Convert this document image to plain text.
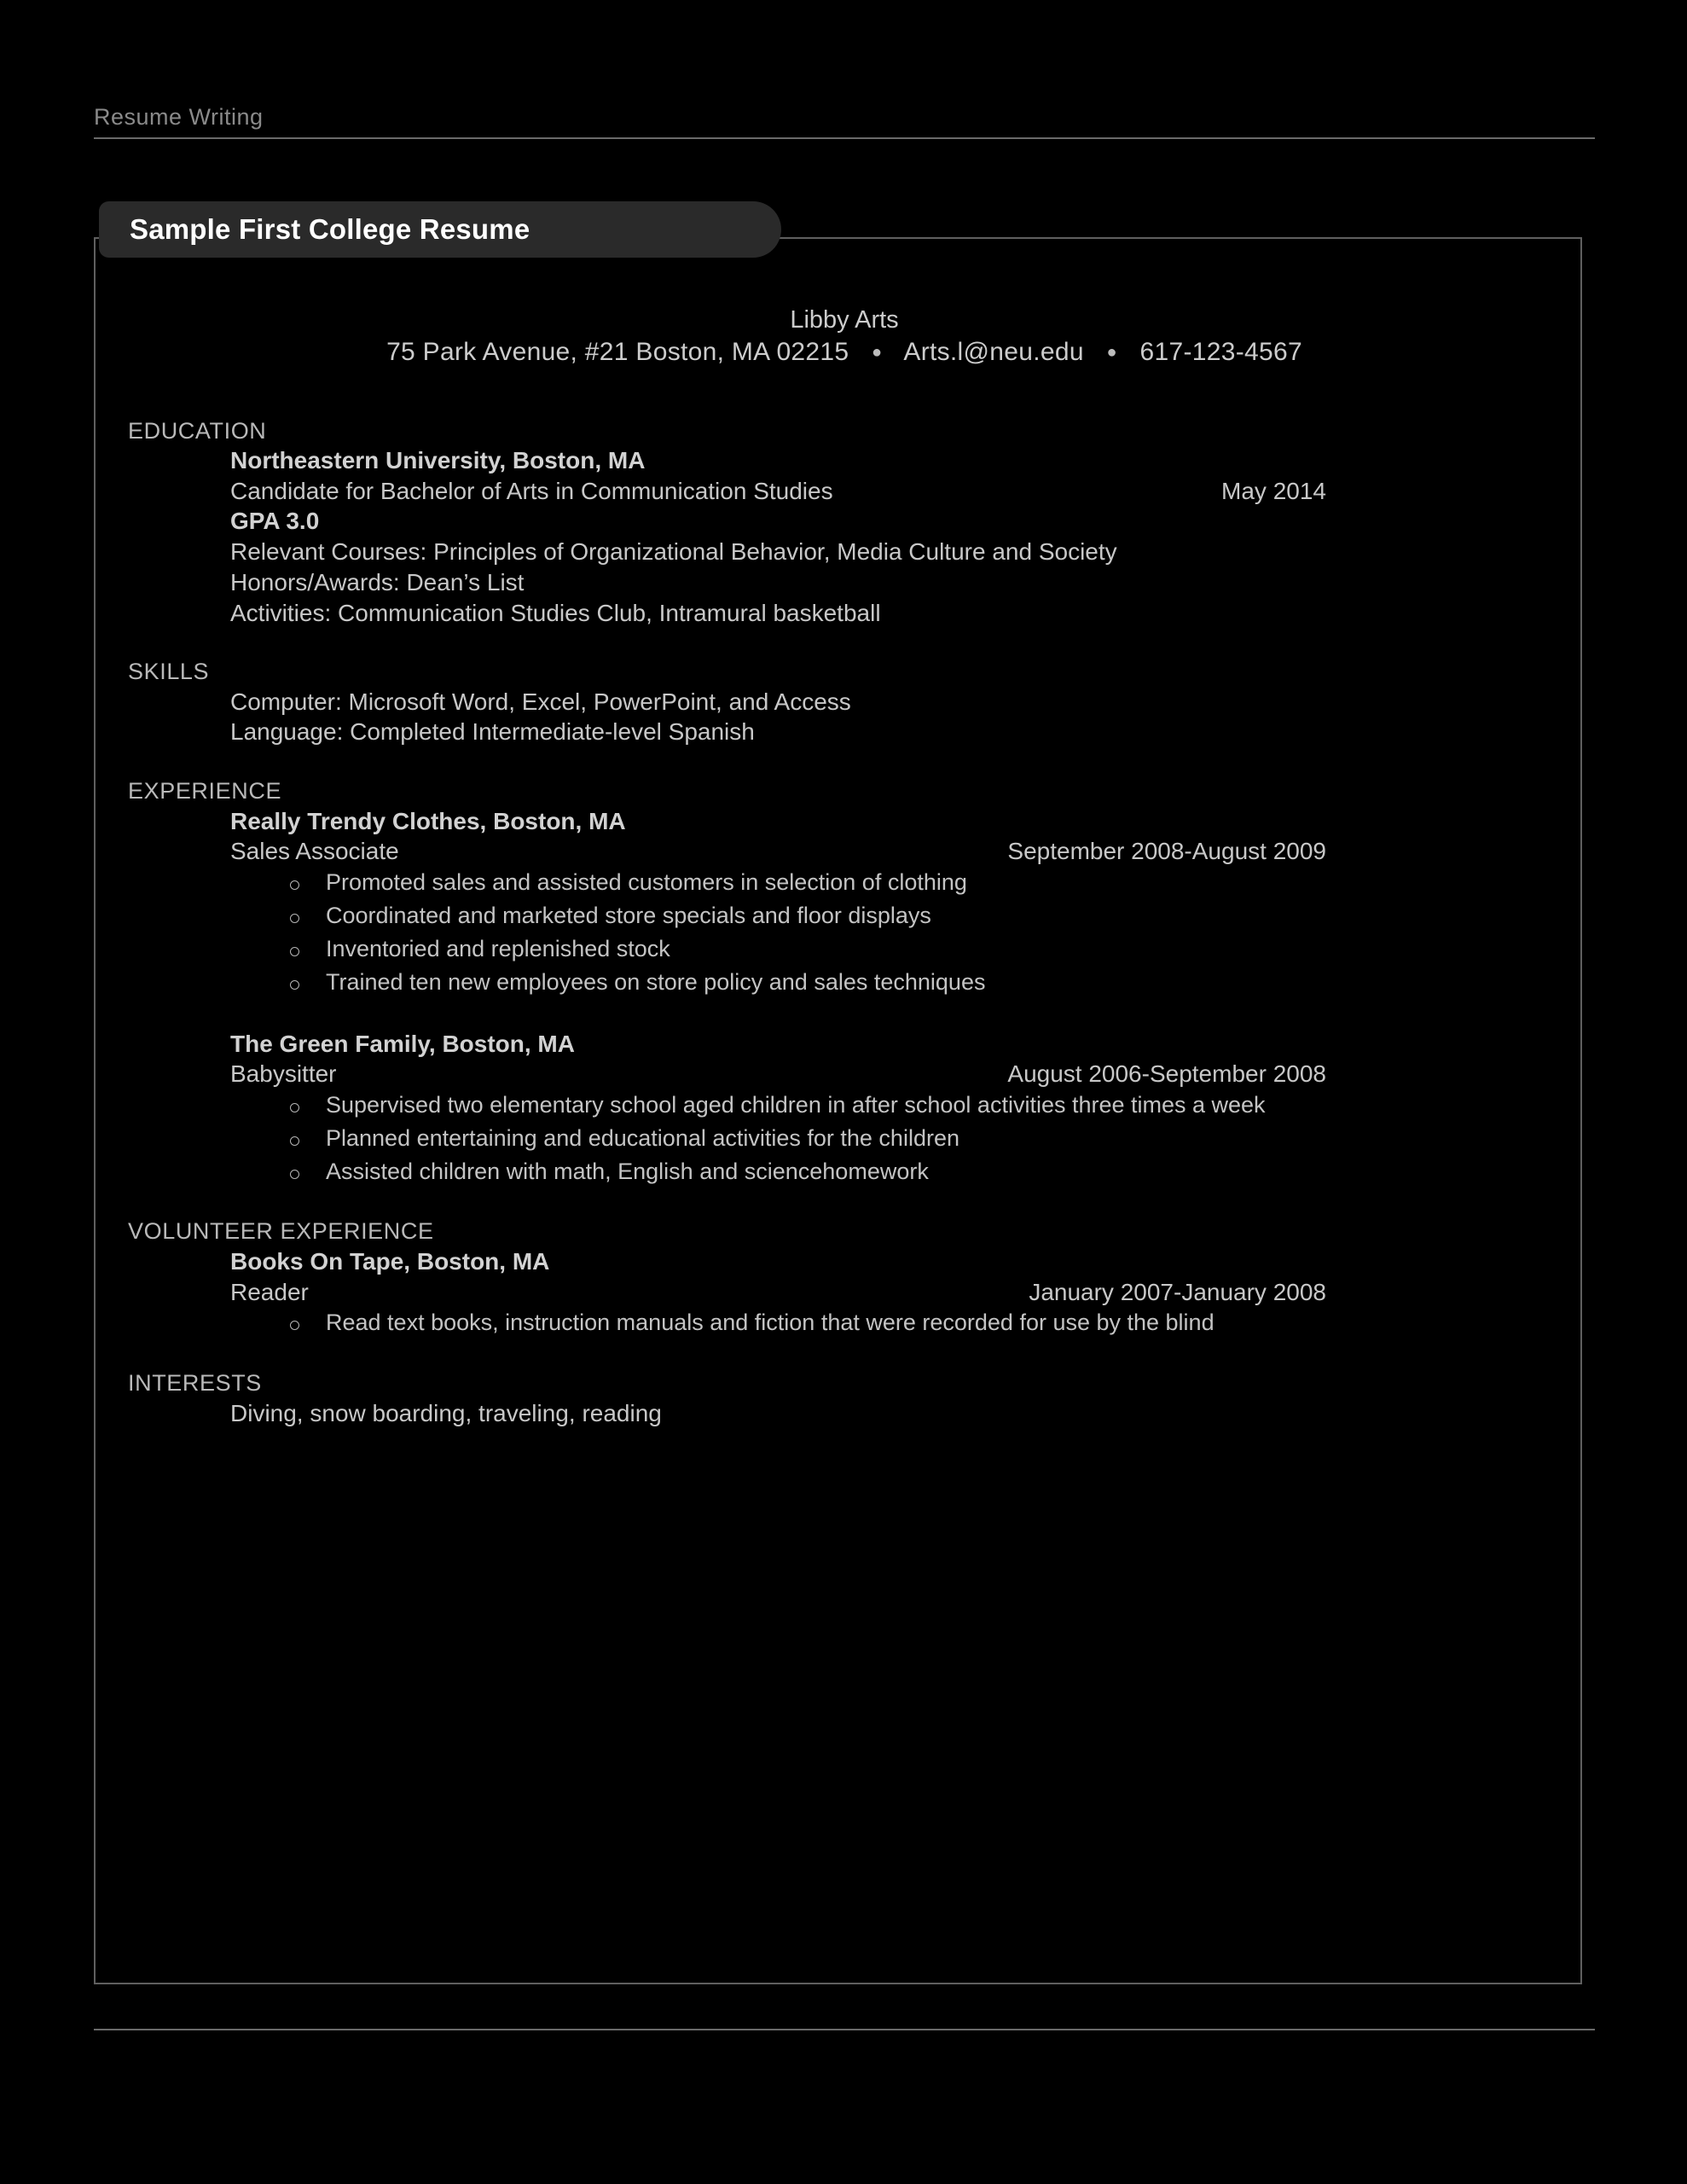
Resume Writing
Sample First College Resume
Libby Arts
75 Park Avenue, #21 Boston, MA 02215 ● Arts.l@neu.edu ● 617-123-4567
EDUCATION
Northeastern University, Boston, MA
Candidate for Bachelor of Arts in Communication Studies	May 2014
GPA 3.0
Relevant Courses: Principles of Organizational Behavior, Media Culture and Society
Honors/Awards: Dean’s List
Activities: Communication Studies Club, Intramural basketball
SKILLS
Computer: Microsoft Word, Excel, PowerPoint, and Access
Language: Completed Intermediate-level Spanish
EXPERIENCE
Really Trendy Clothes, Boston, MA
Sales Associate	September 2008-August 2009
Promoted sales and assisted customers in selection of clothing
Coordinated and marketed store specials and floor displays
Inventoried and replenished stock
Trained ten new employees on store policy and sales techniques
The Green Family, Boston, MA
Babysitter	August 2006-September 2008
Supervised two elementary school aged children in after school activities three times a week
Planned entertaining and educational activities for the children
Assisted children with math, English and sciencehomework
VOLUNTEER EXPERIENCE
Books On Tape, Boston, MA
Reader	January 2007-January 2008
Read text books, instruction manuals and fiction that were recorded for use by the blind
INTERESTS
Diving, snow boarding, traveling, reading
